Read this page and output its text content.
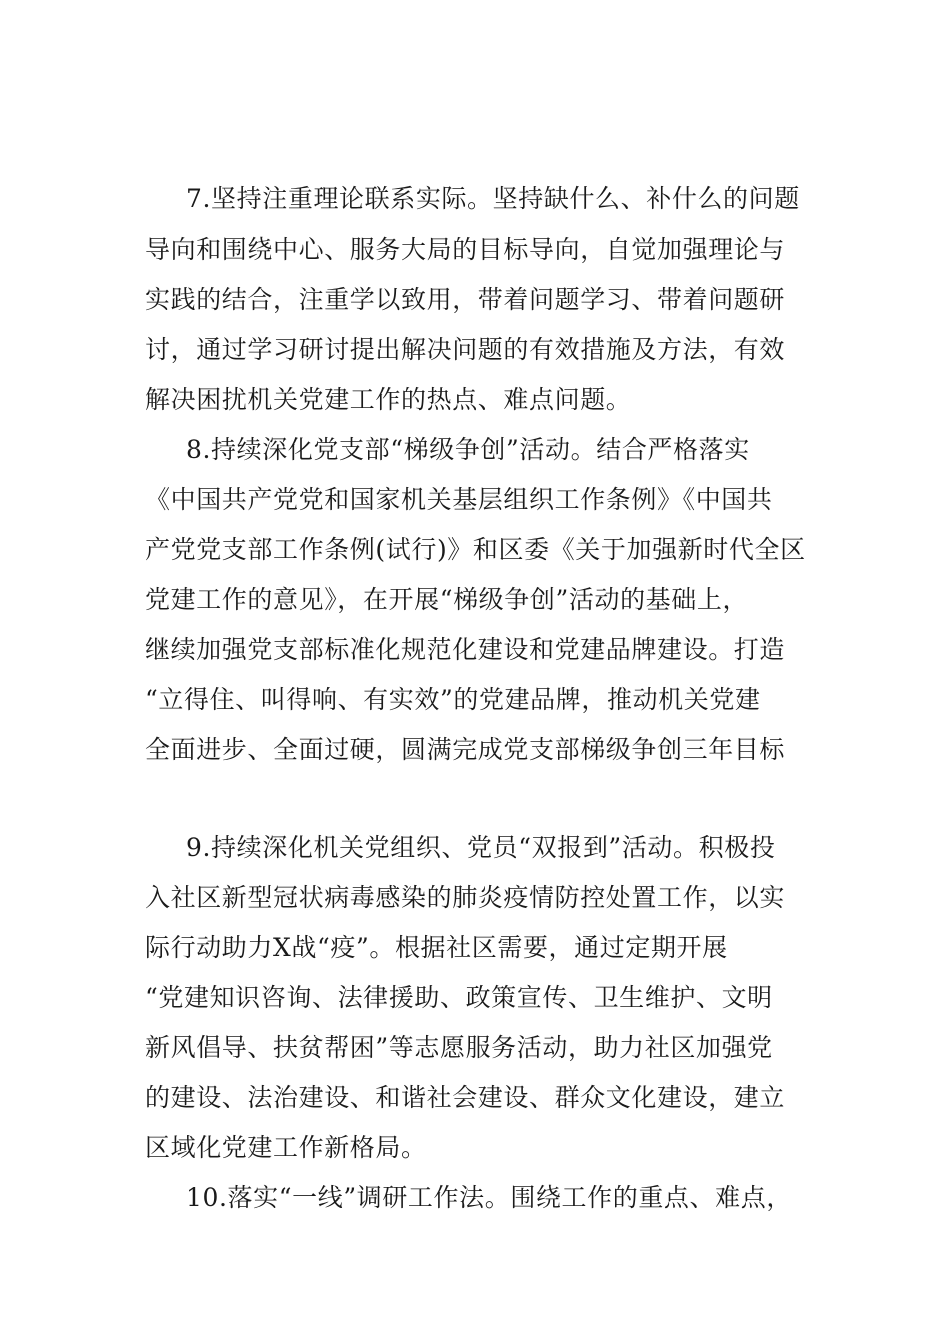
7.坚持注重理论联系实际。坚持缺什么、补什么的问题
导向和围绕中心、服务大局的目标导向，自觉加强理论与
实践的结合，注重学以致用，带着问题学习、带着问题研
讨，通过学习研讨提出解决问题的有效措施及方法，有效
解决困扰机关党建工作的热点、难点问题。
8.持续深化党支部“梯级争创”活动。结合严格落实
《中国共产党党和国家机关基层组织工作条例》《中国共
产党党支部工作条例(试行)》和区委《关于加强新时代全区
党建工作的意见》，在开展“梯级争创”活动的基础上，
继续加强党支部标准化规范化建设和党建品牌建设。打造
“立得住、叫得响、有实效”的党建品牌，推动机关党建
全面进步、全面过硬，圆满完成党支部梯级争创三年目标
9.持续深化机关党组织、党员“双报到”活动。积极投
入社区新型冠状病毒感染的肺炎疫情防控处置工作，以实
际行动助力X战“疫”。根据社区需要，通过定期开展
“党建知识咨询、法律援助、政策宣传、卫生维护、文明
新风倡导、扶贫帮困”等志愿服务活动，助力社区加强党
的建设、法治建设、和谐社会建设、群众文化建设，建立
区域化党建工作新格局。
10.落实“一线”调研工作法。围绕工作的重点、难点，
